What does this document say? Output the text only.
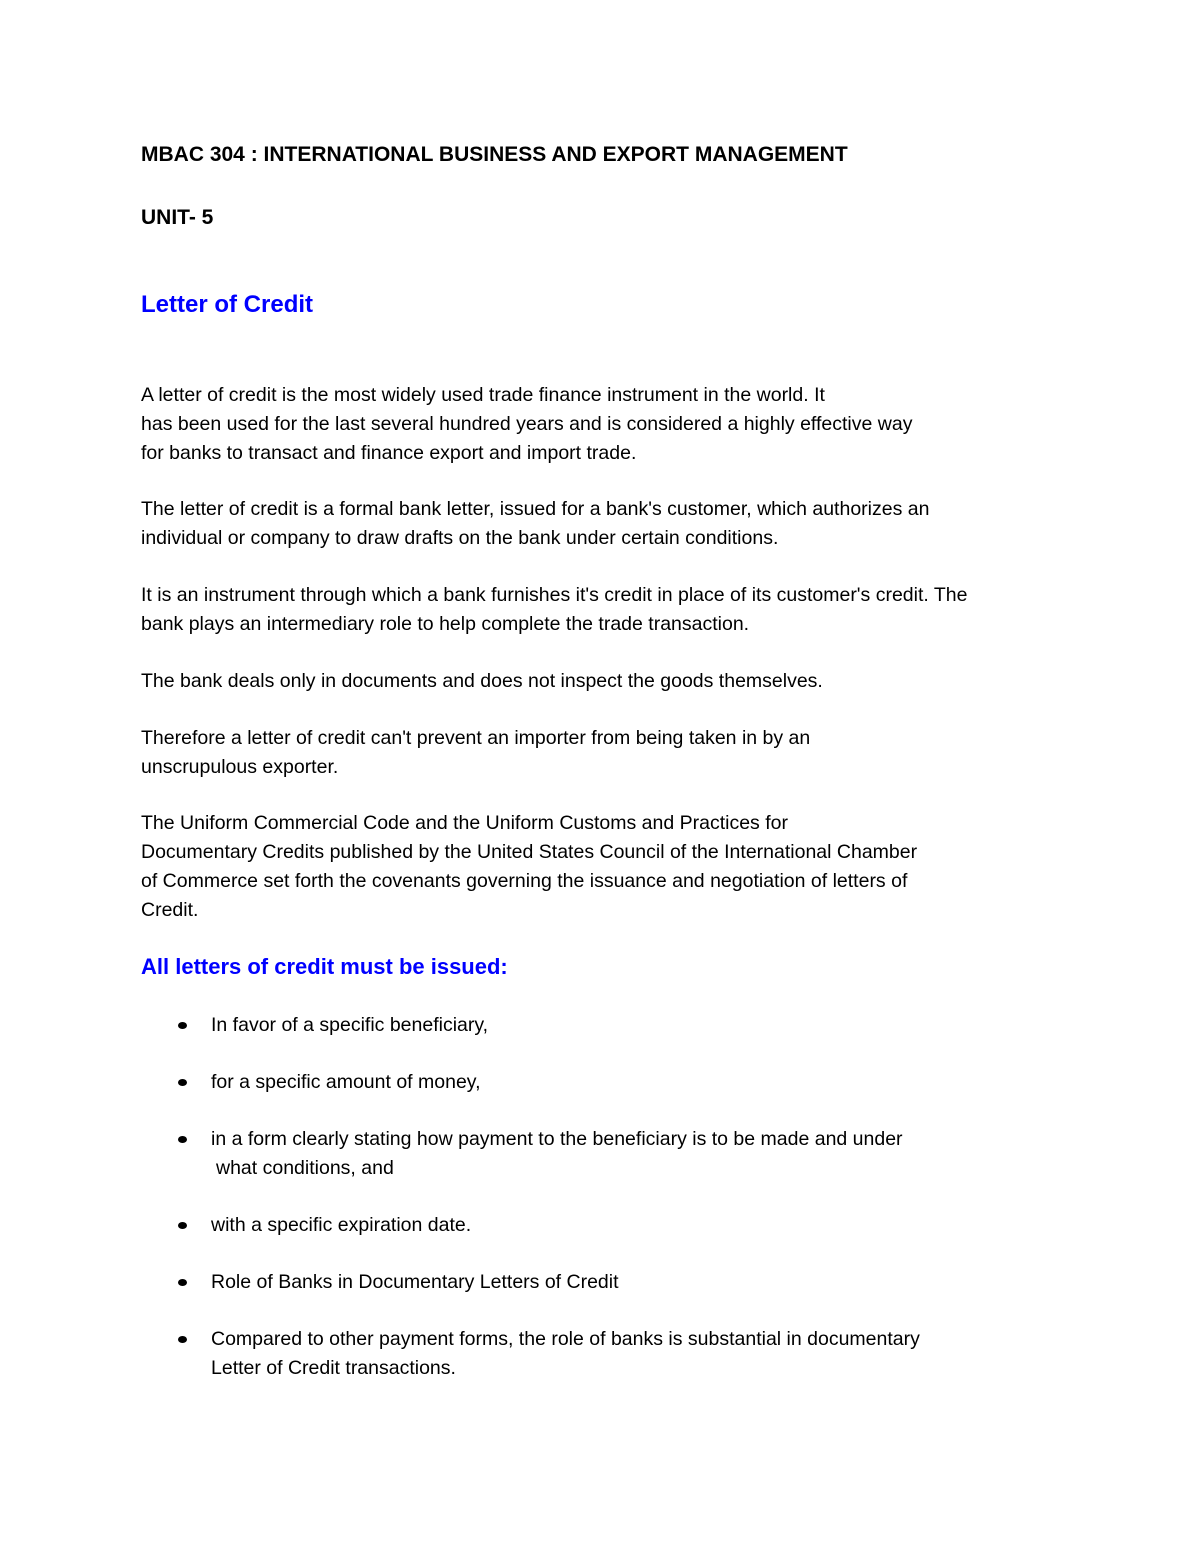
MBAC 304 : INTERNATIONAL BUSINESS AND EXPORT MANAGEMENT
UNIT- 5
Letter of Credit

A letter of credit is the most widely used trade finance instrument in the world. It
has been used for the last several hundred years and is considered a highly effective way
for banks to transact and finance export and import trade.

The letter of credit is a formal bank letter, issued for a bank's customer, which authorizes an
individual or company to draw drafts on the bank under certain conditions.

It is an instrument through which a bank furnishes it's credit in place of its customer's credit. The
bank plays an intermediary role to help complete the trade transaction.

The bank deals only in documents and does not inspect the goods themselves.

Therefore a letter of credit can't prevent an importer from being taken in by an
unscrupulous exporter.

The Uniform Commercial Code and the Uniform Customs and Practices for
Documentary Credits published by the United States Council of the International Chamber
of Commerce set forth the covenants governing the issuance and negotiation of letters of
Credit.

All letters of credit must be issued:
In favor of a specific beneficiary,
for a specific amount of money,
in a form clearly stating how payment to the beneficiary is to be made and under
what conditions, and
with a specific expiration date.
Role of Banks in Documentary Letters of Credit
Compared to other payment forms, the role of banks is substantial in documentary
Letter of Credit transactions.
